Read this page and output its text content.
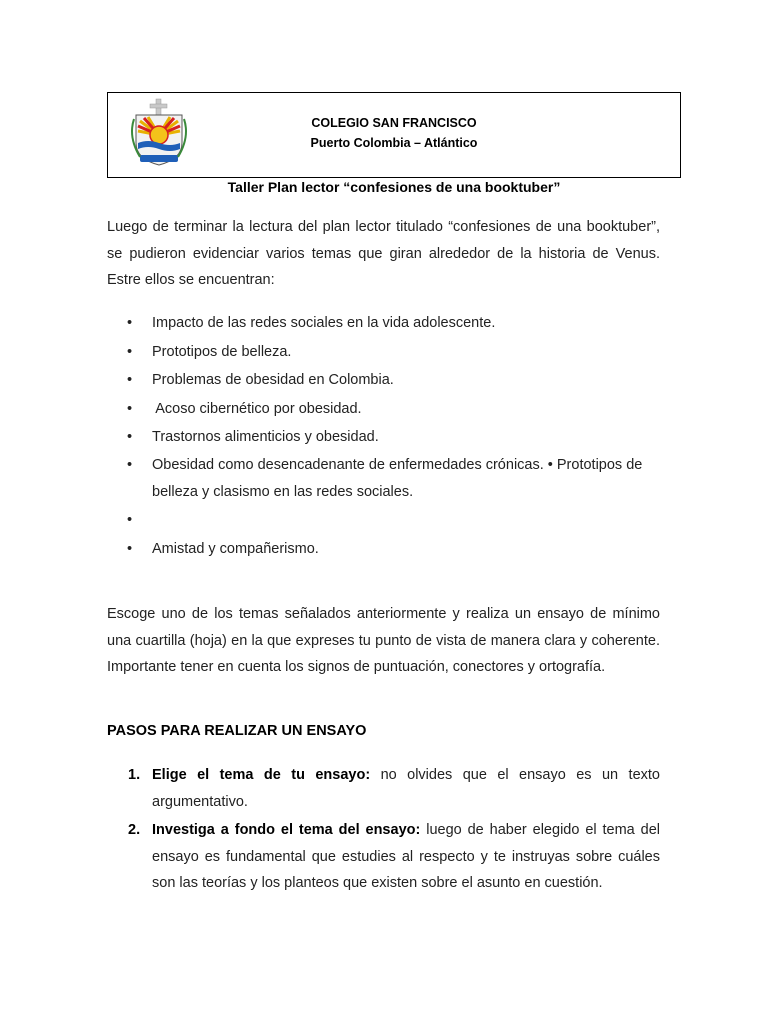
COLEGIO SAN FRANCISCO
Puerto Colombia – Atlántico
Taller Plan lector “confesiones de una booktuber”

Luego de terminar la lectura del plan lector titulado “confesiones de una booktuber”, se pudieron evidenciar varios temas que giran alrededor de la historia de Venus. Estre ellos se encuentran:

• Impacto de las redes sociales en la vida adolescente.
• Prototipos de belleza.
• Problemas de obesidad en Colombia.
• Acoso cibernético por obesidad.
• Trastornos alimenticios y obesidad.
• Obesidad como desencadenante de enfermedades crónicas. • Prototipos de belleza y clasismo en las redes sociales.
•
• Amistad y compañerismo.

Escoge uno de los temas señalados anteriormente y realiza un ensayo de mínimo una cuartilla (hoja) en la que expreses tu punto de vista de manera clara y coherente. Importante tener en cuenta los signos de puntuación, conectores y ortografía.

PASOS PARA REALIZAR UN ENSAYO
1. Elige el tema de tu ensayo: no olvides que el ensayo es un texto argumentativo.
2. Investiga a fondo el tema del ensayo: luego de haber elegido el tema del ensayo es fundamental que estudies al respecto y te instruyas sobre cuáles son las teorías y los planteos que existen sobre el asunto en cuestión.
